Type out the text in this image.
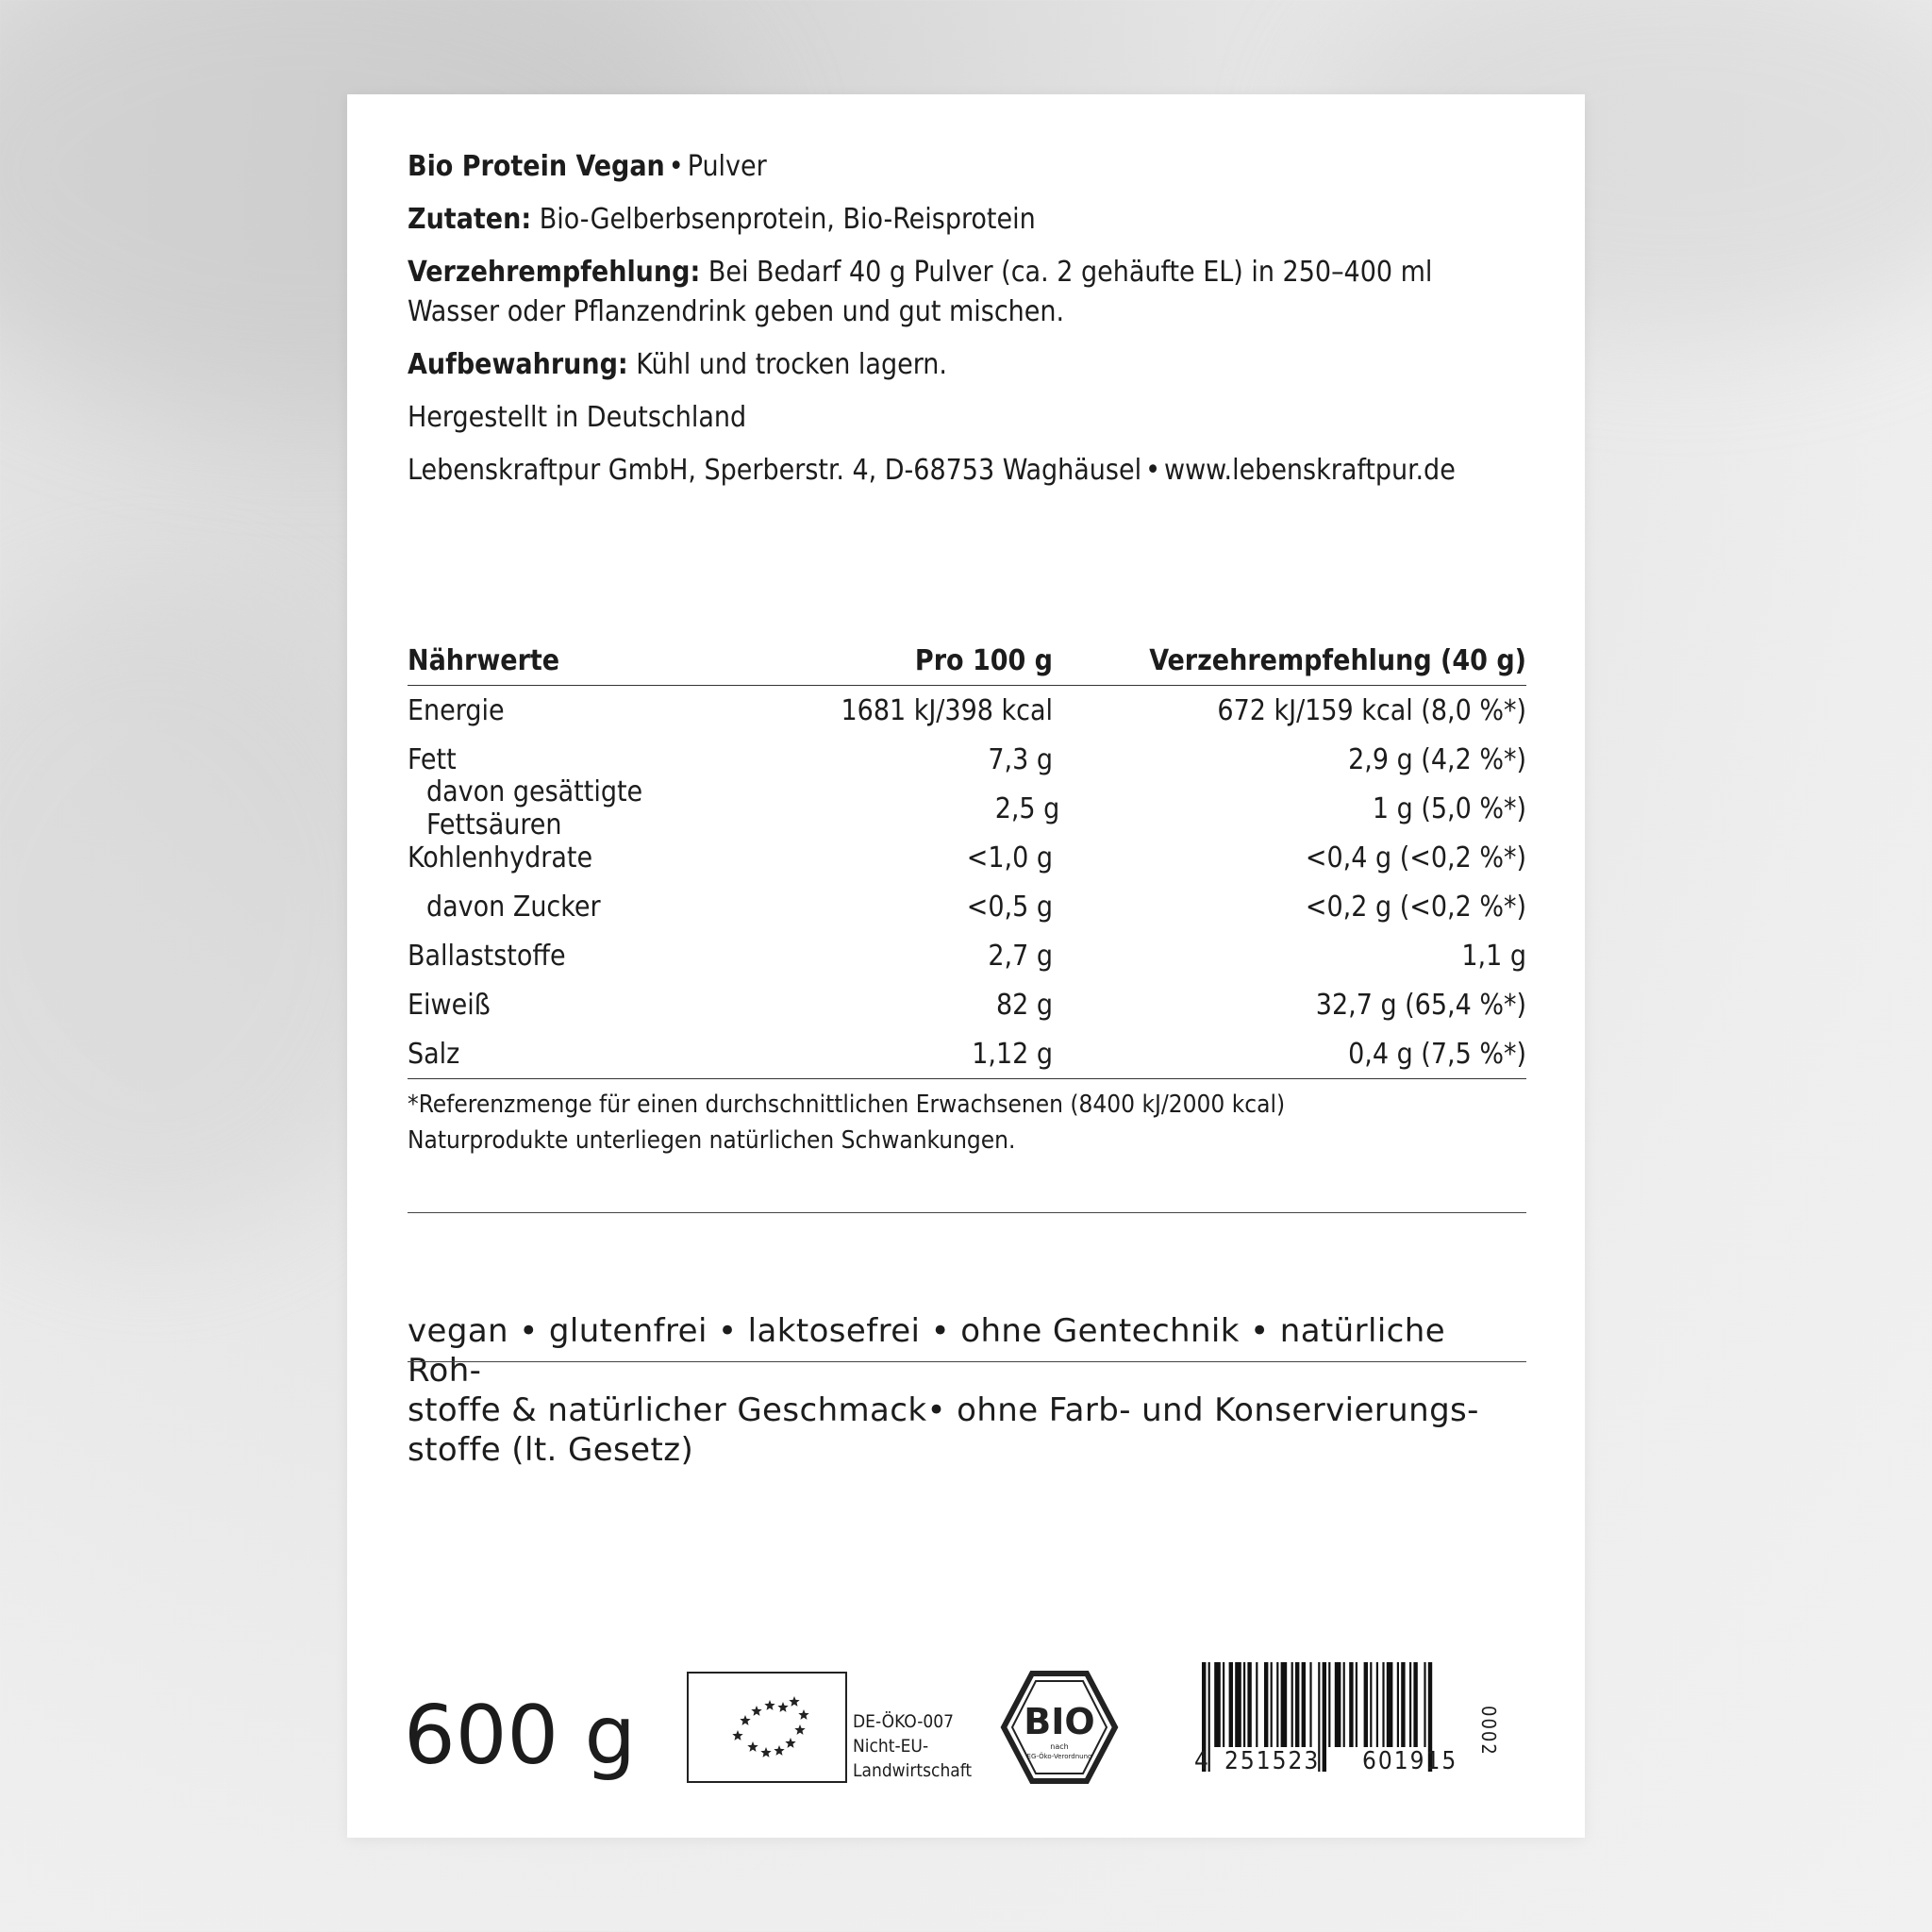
Bio Protein Vegan • Pulver

Zutaten: Bio-Gelberbsenprotein, Bio-Reisprotein

Verzehrempfehlung: Bei Bedarf 40 g Pulver (ca. 2 gehäufte EL) in 250–400 ml Wasser oder Pflanzendrink geben und gut mischen.

Aufbewahrung: Kühl und trocken lagern.

Hergestellt in Deutschland

Lebenskraftpur GmbH, Sperberstr. 4, D-68753 Waghäusel • www.lebenskraftpur.de

Nährwerte	Pro 100 g	Verzehrempfehlung (40 g)
Energie	1681 kJ/398 kcal	672 kJ/159 kcal (8,0 %*)
Fett	7,3 g	2,9 g (4,2 %*)
davon gesättigte Fettsäuren	2,5 g	1 g (5,0 %*)
Kohlenhydrate	<1,0 g	<0,4 g (<0,2 %*)
davon Zucker	<0,5 g	<0,2 g (<0,2 %*)
Ballaststoffe	2,7 g	1,1 g
Eiweiß	82 g	32,7 g (65,4 %*)
Salz	1,12 g	0,4 g (7,5 %*)
*Referenzmenge für einen durchschnittlichen Erwachsenen (8400 kJ/2000 kcal)
Naturprodukte unterliegen natürlichen Schwankungen.
vegan • glutenfrei • laktosefrei • ohne Gentechnik • natürliche Roh-
stoffe & natürlicher Geschmack• ohne Farb- und Konservierungs-
stoffe (lt. Gesetz)
600 g	DE-ÖKO-007
Nicht-EU-
Landwirtschaft
BIO
nach
EG-Öko-Verordnung	4 251523 601915
0002
